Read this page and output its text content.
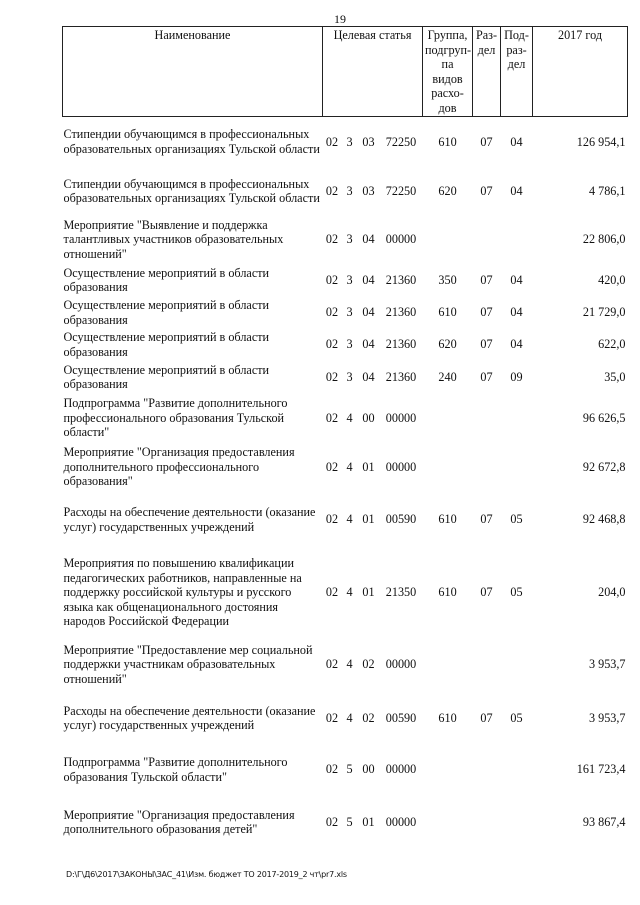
19
Наименование	Целевая статья				Группа, подгруп-па видов расхо-дов	Раз-дел	Под-раз-дел	2017 год
Стипендии обучающимся в профессиональных образовательных организациях Тульской области	02	3	03	72250	610	07	04	126 954,1
Стипендии обучающимся в профессиональных образовательных организациях Тульской области	02	3	03	72250	620	07	04	4 786,1
Мероприятие "Выявление и поддержка талантливых участников образовательных отношений"	02	3	04	00000				22 806,0
Осуществление мероприятий в области образования	02	3	04	21360	350	07	04	420,0
Осуществление мероприятий в области образования	02	3	04	21360	610	07	04	21 729,0
Осуществление мероприятий в области образования	02	3	04	21360	620	07	04	622,0
Осуществление мероприятий в области образования	02	3	04	21360	240	07	09	35,0
Подпрограмма "Развитие дополнительного профессионального образования Тульской области"	02	4	00	00000				96 626,5
Мероприятие "Организация предоставления дополнительного профессионального образования"	02	4	01	00000				92 672,8
Расходы на обеспечение деятельности (оказание услуг) государственных учреждений	02	4	01	00590	610	07	05	92 468,8
Мероприятия по повышению квалификации педагогических работников, направленные на поддержку российской культуры и русского языка как общенационального достояния народов Российской Федерации	02	4	01	21350	610	07	05	204,0
Мероприятие "Предоставление мер социальной поддержки участникам образовательных отношений"	02	4	02	00000				3 953,7
Расходы на обеспечение деятельности (оказание услуг) государственных учреждений	02	4	02	00590	610	07	05	3 953,7
Подпрограмма "Развитие дополнительного образования Тульской области"	02	5	00	00000				161 723,4
Мероприятие "Организация предоставления дополнительного образования детей"	02	5	01	00000				93 867,4
D:\Г\Д6\2017\ЗАКОНЫ\ЗАС_41\Изм. бюджет ТО 2017-2019_2 чт\pr7.xls
